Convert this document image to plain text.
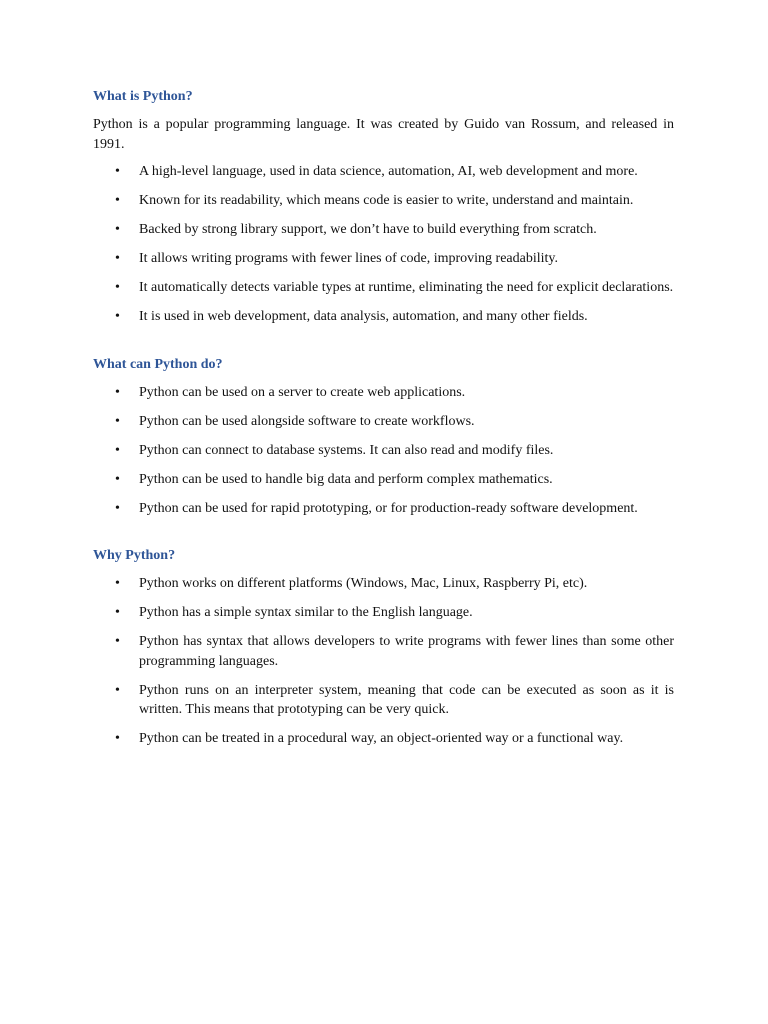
What is Python?

Python is a popular programming language. It was created by Guido van Rossum, and released in 1991.

• A high-level language, used in data science, automation, AI, web development and more.
• Known for its readability, which means code is easier to write, understand and maintain.
• Backed by strong library support, we don’t have to build everything from scratch.
• It allows writing programs with fewer lines of code, improving readability.
• It automatically detects variable types at runtime, eliminating the need for explicit declarations.
• It is used in web development, data analysis, automation, and many other fields.
What can Python do?
• Python can be used on a server to create web applications.
• Python can be used alongside software to create workflows.
• Python can connect to database systems. It can also read and modify files.
• Python can be used to handle big data and perform complex mathematics.
• Python can be used for rapid prototyping, or for production-ready software development.
Why Python?
• Python works on different platforms (Windows, Mac, Linux, Raspberry Pi, etc).
• Python has a simple syntax similar to the English language.
• Python has syntax that allows developers to write programs with fewer lines than some other programming languages.
• Python runs on an interpreter system, meaning that code can be executed as soon as it is written. This means that prototyping can be very quick.
• Python can be treated in a procedural way, an object-oriented way or a functional way.
